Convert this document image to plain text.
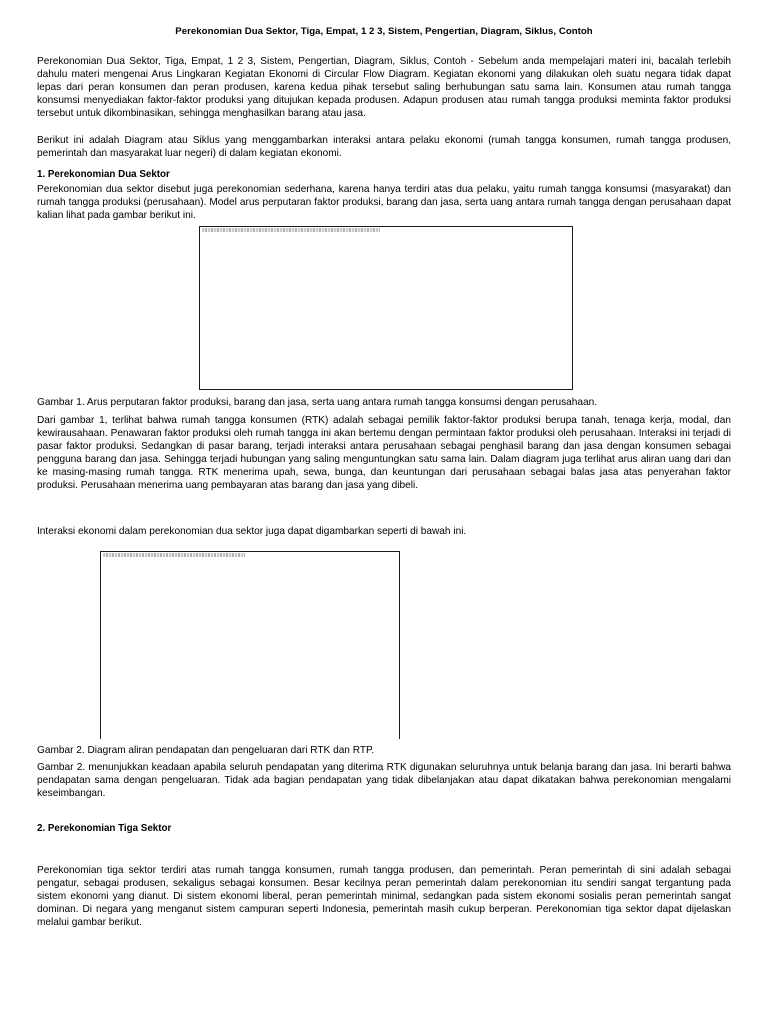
Perekonomian Dua Sektor, Tiga, Empat, 1 2 3, Sistem, Pengertian, Diagram, Siklus, Contoh

Perekonomian Dua Sektor, Tiga, Empat, 1 2 3, Sistem, Pengertian, Diagram, Siklus, Contoh - Sebelum anda mempelajari materi ini, bacalah terlebih dahulu materi mengenai Arus Lingkaran Kegiatan Ekonomi di Circular Flow Diagram. Kegiatan ekonomi yang dilakukan oleh suatu negara tidak dapat lepas dari peran konsumen dan peran produsen, karena kedua pihak tersebut saling berhubungan satu sama lain. Konsumen atau rumah tangga konsumsi menyediakan faktor-faktor produksi yang ditujukan kepada produsen. Adapun produsen atau rumah tangga produksi meminta faktor produksi tersebut untuk dikombinasikan, sehingga menghasilkan barang atau jasa.

Berikut ini adalah Diagram atau Siklus yang menggambarkan interaksi antara pelaku ekonomi (rumah tangga konsumen, rumah tangga produsen, pemerintah dan masyarakat luar negeri) di dalam kegiatan ekonomi.

1. Perekonomian Dua Sektor

Perekonomian dua sektor disebut juga perekonomian sederhana, karena hanya terdiri atas dua pelaku, yaitu rumah tangga konsumsi (masyarakat) dan rumah tangga produksi (perusahaan). Model arus perputaran faktor produksi, barang dan jasa, serta uang antara rumah tangga dengan perusahaan dapat kalian lihat pada gambar berikut ini.

Gambar 1. Arus perputaran faktor produksi, barang dan jasa, serta uang antara rumah tangga konsumsi dengan perusahaan.

Dari gambar 1, terlihat bahwa rumah tangga konsumen (RTK) adalah sebagai pemilik faktor-faktor produksi berupa tanah, tenaga kerja, modal, dan kewirausahaan. Penawaran faktor produksi oleh rumah tangga ini akan bertemu dengan permintaan faktor produksi oleh perusahaan. Interaksi ini terjadi di pasar faktor produksi. Sedangkan di pasar barang, terjadi interaksi antara perusahaan sebagai penghasil barang dan jasa dengan konsumen sebagai pengguna barang dan jasa. Sehingga terjadi hubungan yang saling menguntungkan satu sama lain. Dalam diagram juga terlihat arus aliran uang dari dan ke masing-masing rumah tangga. RTK menerima upah, sewa, bunga, dan keuntungan dari perusahaan sebagai balas jasa atas penyerahan faktor produksi. Perusahaan menerima uang pembayaran atas barang dan jasa yang dibeli.

Interaksi ekonomi dalam perekonomian dua sektor juga dapat digambarkan seperti di bawah ini.

Gambar 2. Diagram aliran pendapatan dan pengeluaran dari RTK dan RTP.

Gambar 2. menunjukkan keadaan apabila seluruh pendapatan yang diterima RTK digunakan seluruhnya untuk belanja barang dan jasa. Ini berarti bahwa pendapatan sama dengan pengeluaran. Tidak ada bagian pendapatan yang tidak dibelanjakan atau dapat dikatakan bahwa perekonomian mengalami keseimbangan.

2. Perekonomian Tiga Sektor

Perekonomian tiga sektor terdiri atas rumah tangga konsumen, rumah tangga produsen, dan pemerintah. Peran pemerintah di sini adalah sebagai pengatur, sebagai produsen, sekaligus sebagai konsumen. Besar kecilnya peran pemerintah dalam perekonomian itu sendiri sangat tergantung pada sistem ekonomi yang dianut. Di sistem ekonomi liberal, peran pemerintah minimal, sedangkan pada sistem ekonomi sosialis peran pemerintah sangat dominan. Di negara yang menganut sistem campuran seperti Indonesia, pemerintah masih cukup berperan. Perekonomian tiga sektor dapat dijelaskan melalui gambar berikut.
